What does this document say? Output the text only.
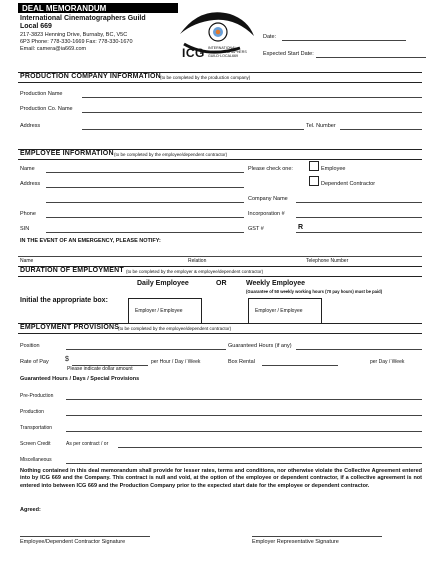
DEAL MEMORANDUM
International Cinematographers Guild
Local 669
217-3823 Henning Drive, Burnaby, BC, V5C
6P3 Phone: 778-330-1669 Fax: 778-330-1670
Email: camera@ia669.com	ICG INTERNATIONAL
CINEMATOGRAPHERS
GUILD·LOCAL669
Date:
Expected Start Date:
PRODUCTION COMPANY INFORMATION (to be completed by the production company)
Production Name
Production Co. Name
Address	Tel. Number
EMPLOYEE INFORMATION (to be completed by the employee/dependent contractor)
Name	Please check one:	Employee
Dependent Contractor
Address
Company Name
Phone	Incorporation #
SIN	GST #	R
IN THE EVENT OF AN EMERGENCY, PLEASE NOTIFY:
Name	Relation	Telephone Number
DURATION OF EMPLOYMENT (to be completed by the employer & employee/dependent contractor)
Daily Employee	OR	Weekly Employee
(Guarantee of 50 weekly working hours (70 pay hours) must be paid)
Initial the appropriate box:
Employer / Employee	Employer / Employee
EMPLOYMENT PROVISIONS
(to be completed by the employee/dependent contractor)
Position	Guaranteed Hours (if any)
Rate of Pay $	per Hour / Day / Week
Please indicate dollar amount
Box Rental	per Day / Week
Guaranteed Hours / Days / Special Provisions
Pre-Production
Production
Transportation
Screen Credit	As per contract / or
Miscellaneous
Nothing contained in this deal memorandum shall provide for lesser rates, terms and conditions, nor otherwise violate the Collective Agreement entered into by ICG 669 and the Company. This contract is null and void, at the option of the employee or dependent contractor, if a collective agreement is not entered into between ICG 669 and the Production Company prior to the expected start date for the employee or dependent contractor.
Agreed:
Employee/Dependent Contractor Signature	Employer Representative Signature
